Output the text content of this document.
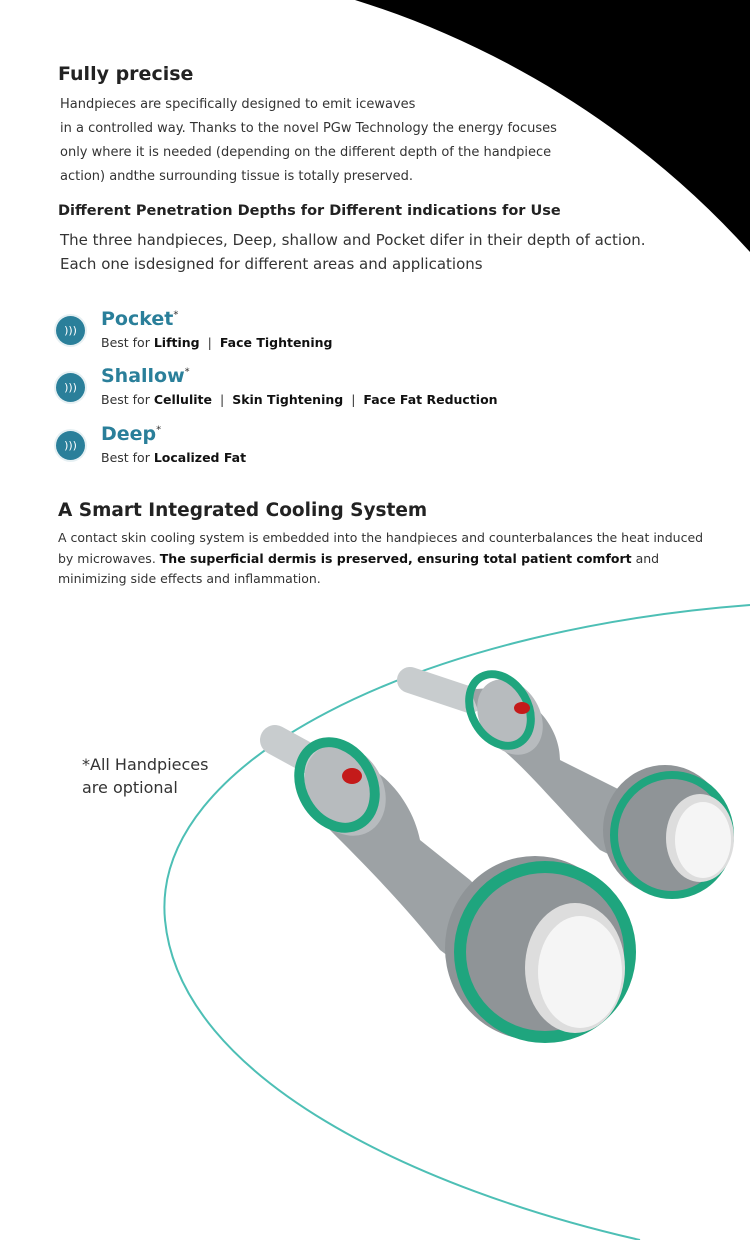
Fully precise
Handpieces are specifically designed to emit icewaves
in a controlled way. Thanks to the novel PGw Technology the energy focuses
only where it is needed (depending on the different depth of the handpiece
action) andthe surrounding tissue is totally preserved.
Different Penetration Depths for Different indications for Use
The three handpieces, Deep, shallow and Pocket difer in their depth of action.
Each one isdesigned for different areas and applications
)))
Pocket*
Best for Lifting | Face Tightening
)))
Shallow*
Best for Cellulite | Skin Tightening | Face Fat Reduction
)))
Deep*
Best for Localized Fat
A Smart Integrated Cooling System
A contact skin cooling system is embedded into the handpieces and counterbalances the heat induced by microwaves. The superficial dermis is preserved, ensuring total patient comfort and minimizing side effects and inflammation.
*All Handpieces
are optional
